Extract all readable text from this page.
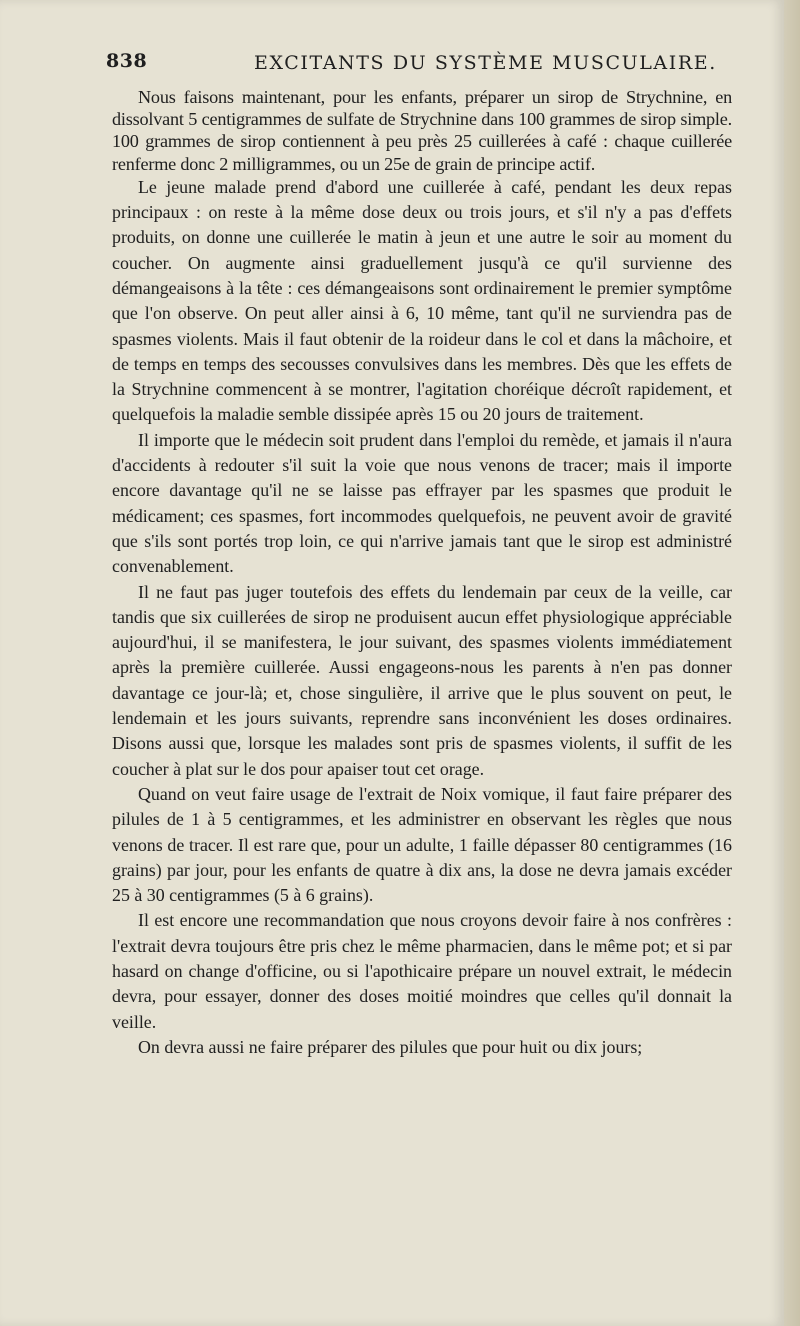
838	EXCITANTS DU SYSTÈME MUSCULAIRE.

Nous faisons maintenant, pour les enfants, préparer un sirop de Strychnine, en dissolvant 5 centigrammes de sulfate de Strychnine dans 100 grammes de sirop simple. 100 grammes de sirop contiennent à peu près 25 cuillerées à café : chaque cuillerée renferme donc 2 milligrammes, ou un 25e de grain de principe actif.

Le jeune malade prend d'abord une cuillerée à café, pendant les deux repas principaux : on reste à la même dose deux ou trois jours, et s'il n'y a pas d'effets produits, on donne une cuillerée le matin à jeun et une autre le soir au moment du coucher. On augmente ainsi graduellement jusqu'à ce qu'il survienne des démangeaisons à la tête : ces démangeaisons sont ordinairement le premier symptôme que l'on observe. On peut aller ainsi à 6, 10 même, tant qu'il ne surviendra pas de spasmes violents. Mais il faut obtenir de la roideur dans le col et dans la mâchoire, et de temps en temps des secousses convulsives dans les membres. Dès que les effets de la Strychnine commencent à se montrer, l'agitation choréique décroît rapidement, et quelquefois la maladie semble dissipée après 15 ou 20 jours de traitement.

Il importe que le médecin soit prudent dans l'emploi du remède, et jamais il n'aura d'accidents à redouter s'il suit la voie que nous venons de tracer; mais il importe encore davantage qu'il ne se laisse pas effrayer par les spasmes que produit le médicament; ces spasmes, fort incommodes quelquefois, ne peuvent avoir de gravité que s'ils sont portés trop loin, ce qui n'arrive jamais tant que le sirop est administré convenablement.

Il ne faut pas juger toutefois des effets du lendemain par ceux de la veille, car tandis que six cuillerées de sirop ne produisent aucun effet physiologique appréciable aujourd'hui, il se manifestera, le jour suivant, des spasmes violents immédiatement après la première cuillerée. Aussi engageons-nous les parents à n'en pas donner davantage ce jour-là; et, chose singulière, il arrive que le plus souvent on peut, le lendemain et les jours suivants, reprendre sans inconvénient les doses ordinaires. Disons aussi que, lorsque les malades sont pris de spasmes violents, il suffit de les coucher à plat sur le dos pour apaiser tout cet orage.

Quand on veut faire usage de l'extrait de Noix vomique, il faut faire préparer des pilules de 1 à 5 centigrammes, et les administrer en observant les règles que nous venons de tracer. Il est rare que, pour un adulte, 1 faille dépasser 80 centigrammes (16 grains) par jour, pour les enfants de quatre à dix ans, la dose ne devra jamais excéder 25 à 30 centigrammes (5 à 6 grains).

Il est encore une recommandation que nous croyons devoir faire à nos confrères : l'extrait devra toujours être pris chez le même pharmacien, dans le même pot; et si par hasard on change d'officine, ou si l'apothicaire prépare un nouvel extrait, le médecin devra, pour essayer, donner des doses moitié moindres que celles qu'il donnait la veille.

On devra aussi ne faire préparer des pilules que pour huit ou dix jours;
